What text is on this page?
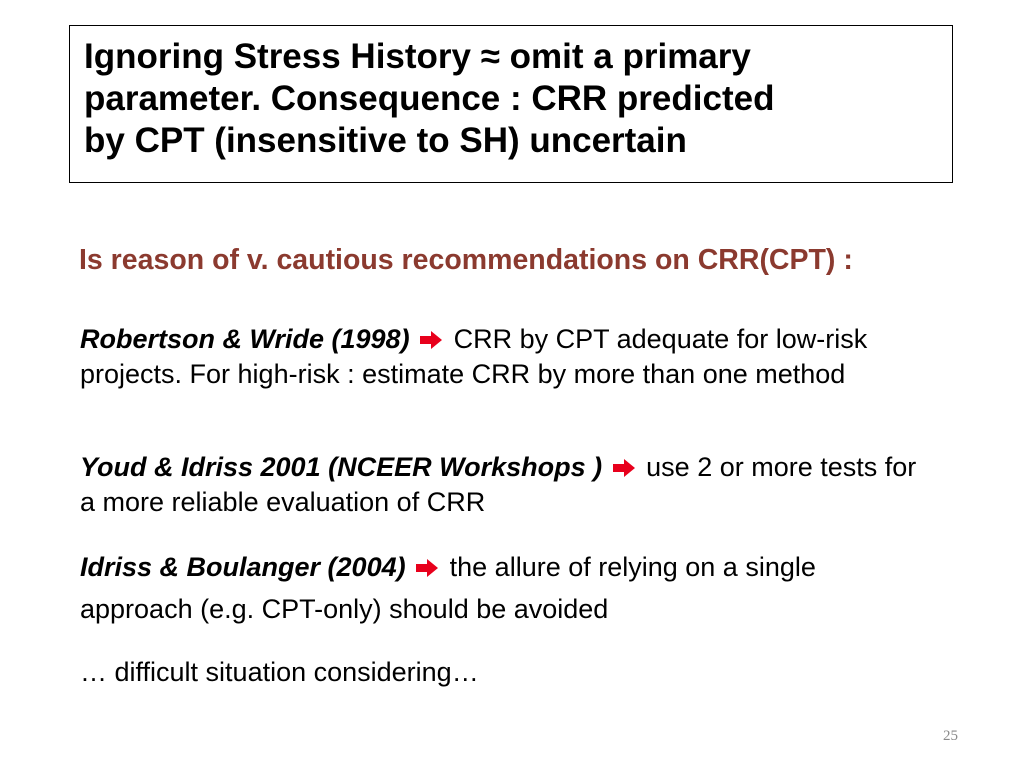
Ignoring Stress History ≈ omit a primary
parameter. Consequence : CRR predicted
by CPT (insensitive to SH) uncertain

Is reason of v. cautious recommendations on CRR(CPT) :

Robertson & Wride (1998) CRR by CPT adequate for low-risk projects. For high-risk : estimate CRR by more than one method

Youd & Idriss 2001 (NCEER Workshops ) use 2 or more tests for a more reliable evaluation of CRR

Idriss & Boulanger (2004) the allure of relying on a single approach (e.g. CPT-only) should be avoided

… difficult situation considering…

25
